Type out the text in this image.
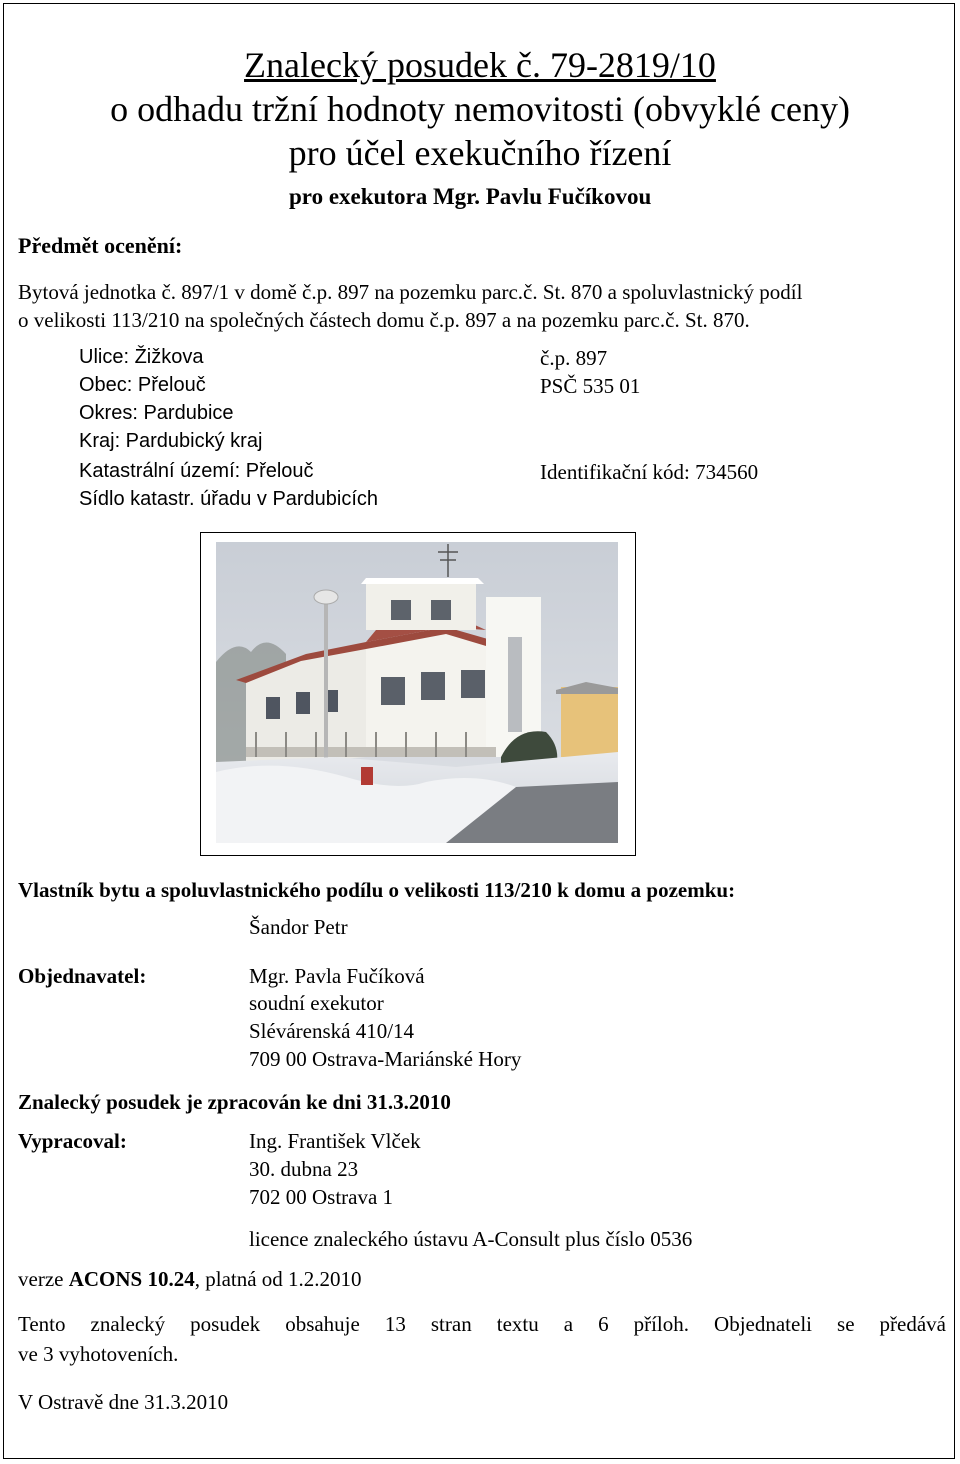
Znalecký posudek č. 79-2819/10
o odhadu tržní hodnoty nemovitosti (obvyklé ceny)
pro účel exekučního řízení
pro exekutora Mgr. Pavlu Fučíkovou
Předmět ocenění:
Bytová jednotka č. 897/1 v domě č.p. 897 na pozemku parc.č. St. 870 a spoluvlastnický podíl
o velikosti 113/210 na společných částech domu č.p. 897 a na pozemku parc.č. St. 870.
Ulice: Žižkova	č.p. 897
Obec: Přelouč	PSČ 535 01
Okres: Pardubice
Kraj: Pardubický kraj
Katastrální území: Přelouč	Identifikační kód: 734560
Sídlo katastr. úřadu v Pardubicích
Vlastník bytu a spoluvlastnického podílu o velikosti 113/210 k domu a pozemku:
Šandor Petr
Objednavatel:	Mgr. Pavla Fučíková
soudní exekutor
Slévárenská 410/14
709 00 Ostrava-Mariánské Hory
Znalecký posudek je zpracován ke dni 31.3.2010
Vypracoval:	Ing. František Vlček
30. dubna 23
702 00 Ostrava 1
licence znaleckého ústavu A-Consult plus číslo 0536
verze ACONS 10.24, platná od 1.2.2010
Tento znalecký posudek obsahuje 13 stran textu a 6 příloh. Objednateli se předává
ve 3 vyhotoveních.
V Ostravě dne 31.3.2010
